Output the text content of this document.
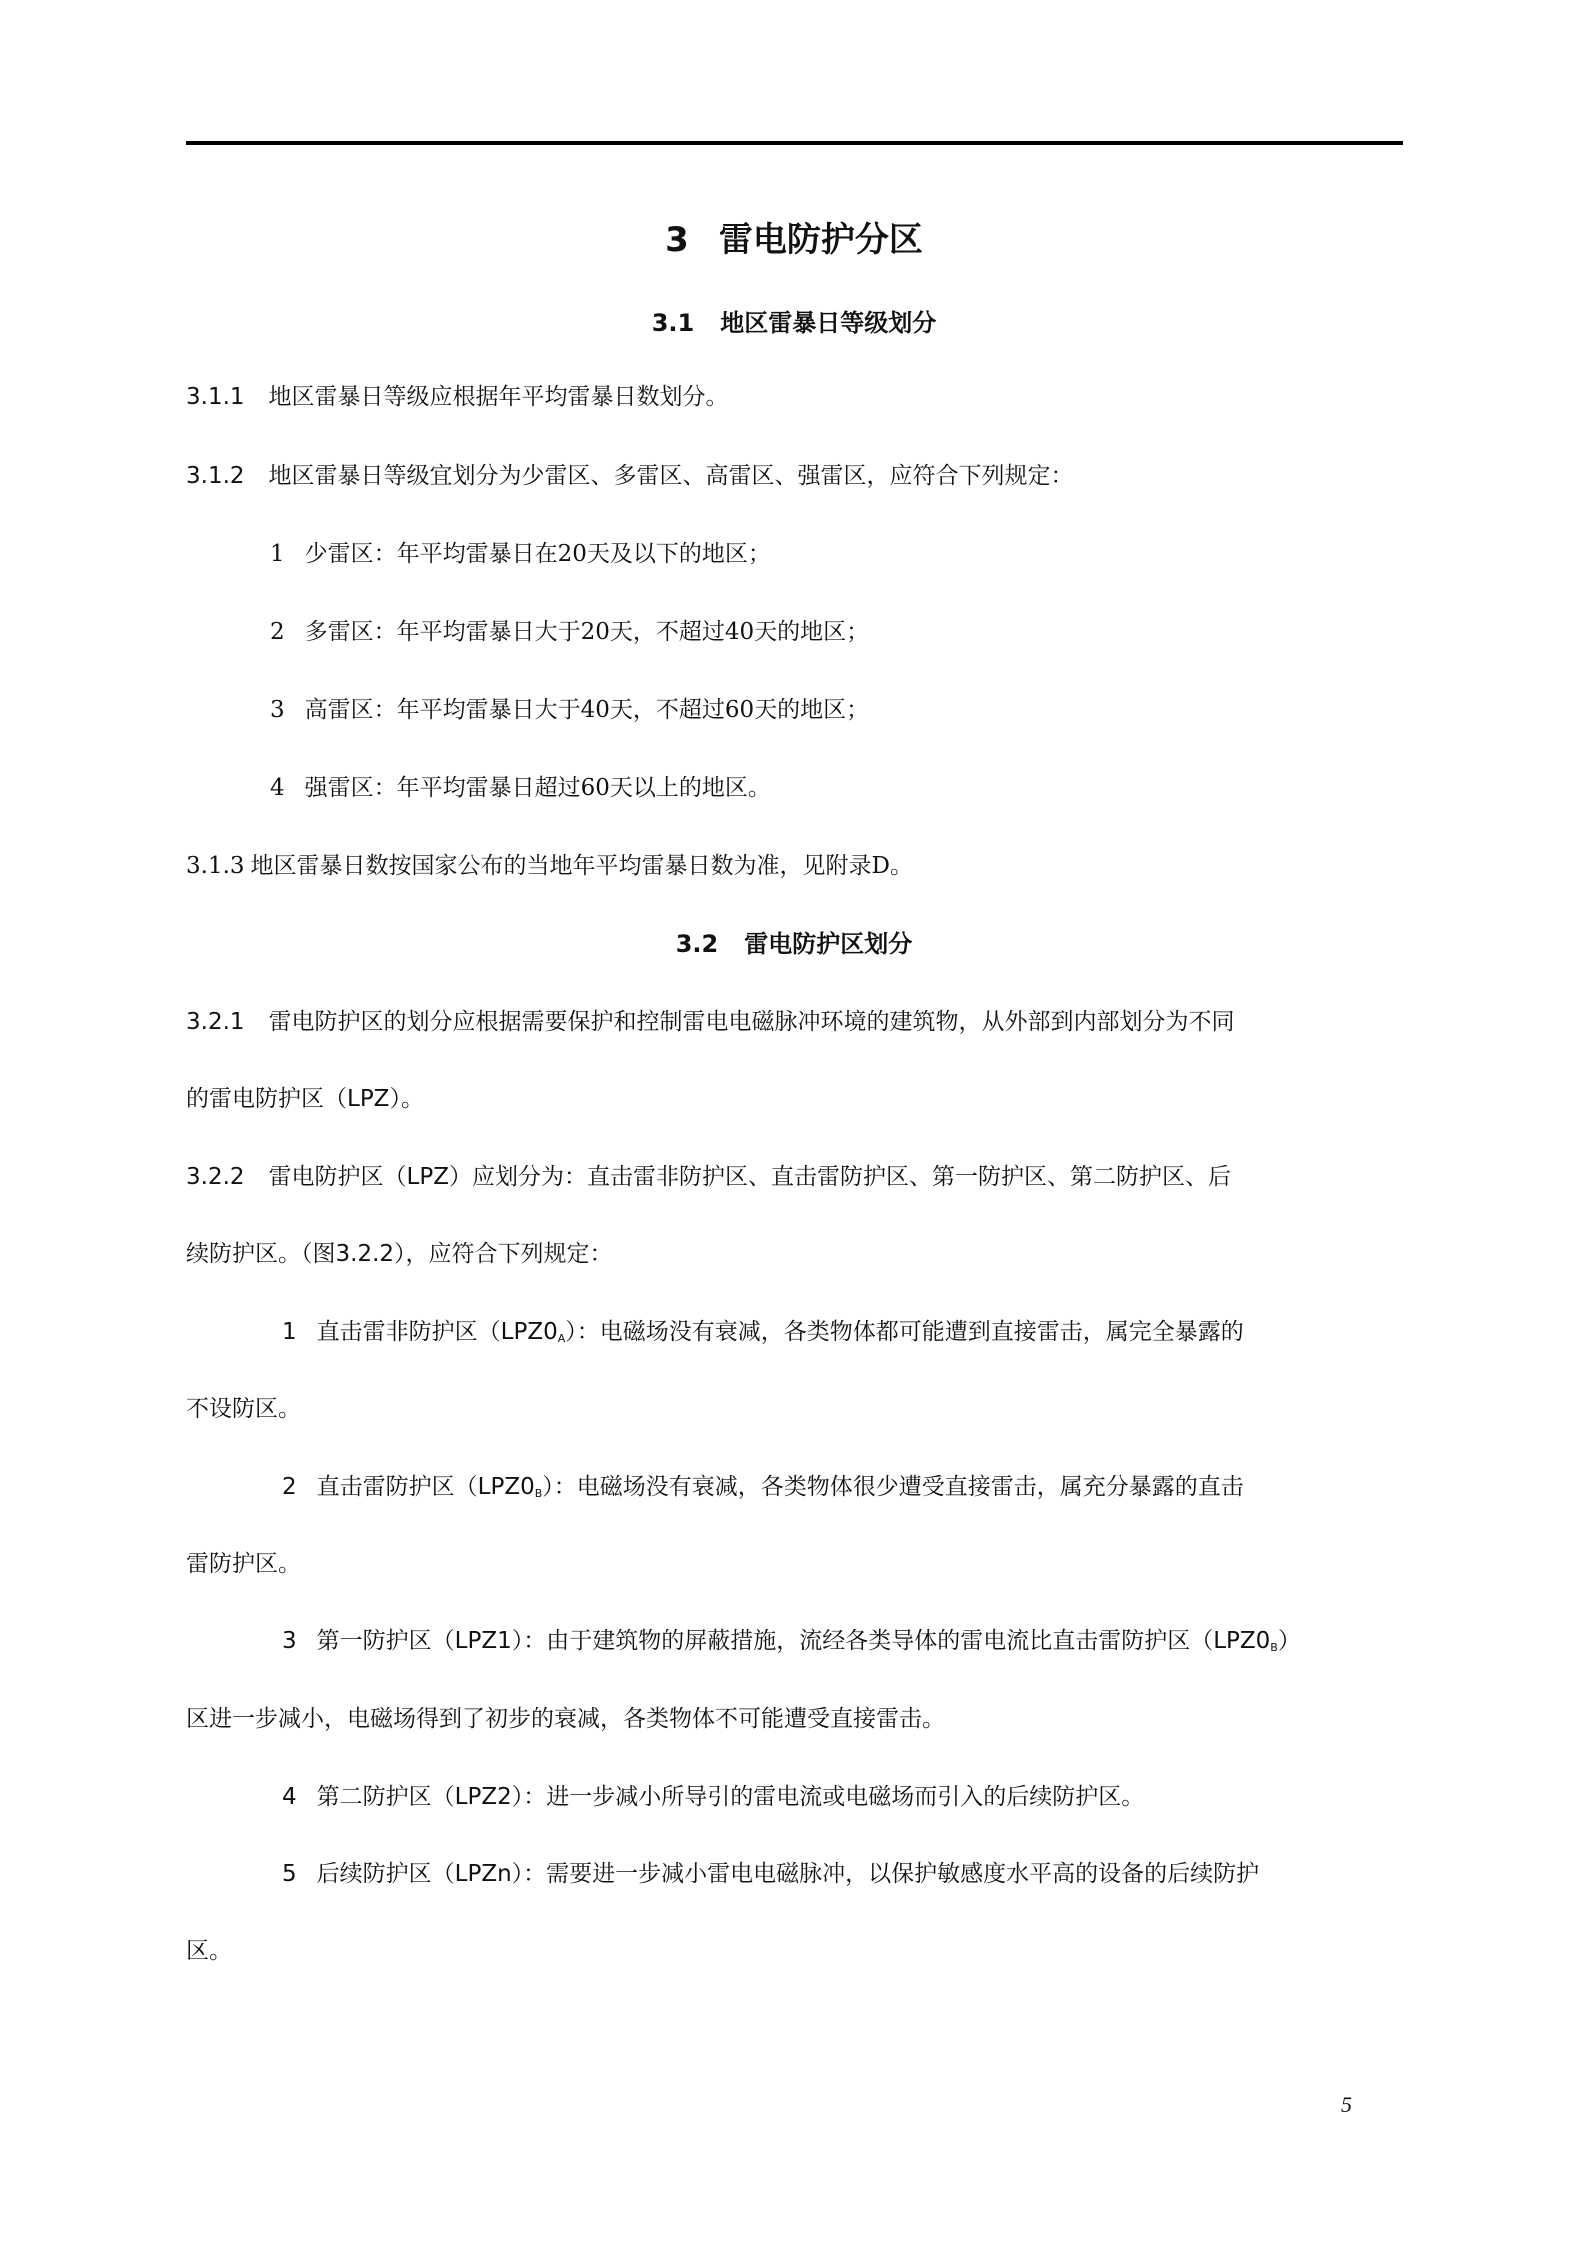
3 雷电防护分区
3.1 地区雷暴日等级划分
3.1.1 地区雷暴日等级应根据年平均雷暴日数划分。
3.1.2 地区雷暴日等级宜划分为少雷区、多雷区、高雷区、强雷区，应符合下列规定：
1 少雷区：年平均雷暴日在20天及以下的地区；
2 多雷区：年平均雷暴日大于20天，不超过40天的地区；
3 高雷区：年平均雷暴日大于40天，不超过60天的地区；
4 强雷区：年平均雷暴日超过60天以上的地区。
3.1.3 地区雷暴日数按国家公布的当地年平均雷暴日数为准，见附录D。
3.2 雷电防护区划分
3.2.1 雷电防护区的划分应根据需要保护和控制雷电电磁脉冲环境的建筑物，从外部到内部划分为不同
的雷电防护区（LPZ）。
3.2.2 雷电防护区（LPZ）应划分为：直击雷非防护区、直击雷防护区、第一防护区、第二防护区、后
续防护区。（图3.2.2），应符合下列规定：
1 直击雷非防护区$(LPZ0_A)$：电磁场没有衰减，各类物体都可能遭到直接雷击，属完全暴露的
不设防区。
2 直击雷防护区$(LPZ0_B)$：电磁场没有衰减，各类物体很少遭受直接雷击，属充分暴露的直击
雷防护区。
3 第一防护区（LPZ1）：由于建筑物的屏蔽措施，流经各类导体的雷电流比直击雷防护区$(LPZ0_B)$
区进一步减小，电磁场得到了初步的衰减，各类物体不可能遭受直接雷击。
4 第二防护区（LPZ2）：进一步减小所导引的雷电流或电磁场而引入的后续防护区。
5 后续防护区（LPZn）：需要进一步减小雷电电磁脉冲，以保护敏感度水平高的设备的后续防护
区。
5
